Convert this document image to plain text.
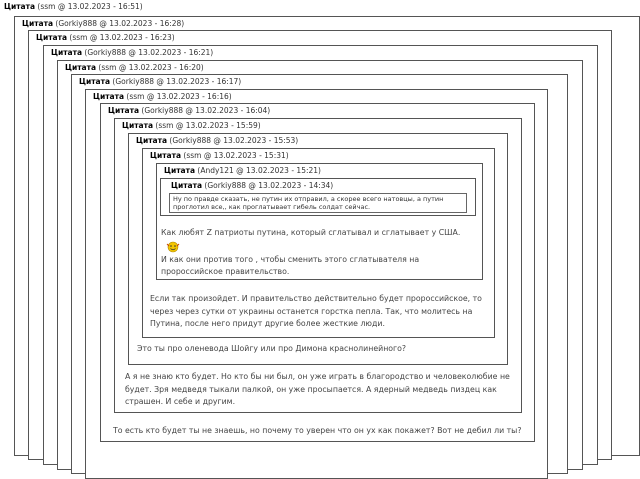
Цитата (ssm @ 13.02.2023 - 16:51)
Цитата (Gorkiy888 @ 13.02.2023 - 16:28)
Цитата (ssm @ 13.02.2023 - 16:23)
Цитата (Gorkiy888 @ 13.02.2023 - 16:21)
Цитата (ssm @ 13.02.2023 - 16:20)
Цитата (Gorkiy888 @ 13.02.2023 - 16:17)
Цитата (ssm @ 13.02.2023 - 16:16)
Цитата (Gorkiy888 @ 13.02.2023 - 16:04)
То есть кто будет ты не знаешь, но почему то уверен что он ух как покажет? Вот не дебил ли ты?
Цитата (ssm @ 13.02.2023 - 15:59)
А я не знаю кто будет. Но кто бы ни был, он уже играть в благородство и человеколюбие не
будет. Зря медведя тыкали палкой, он уже просыпается. А ядерный медведь пиздец как
страшен. И себе и другим.
Цитата (Gorkiy888 @ 13.02.2023 - 15:53)
Это ты про оленевода Шойгу или про Димона краснолинейного?
Цитата (ssm @ 13.02.2023 - 15:31)
Если так произойдет. И правительство действительно будет пророссийское, то
через через сутки от украины останется горстка пепла. Так, что молитесь на
Путина, после него придут другие более жесткие люди.
Цитата (Andy121 @ 13.02.2023 - 15:21)
Как любят Z патриоты путина, который сглатывал и сглатывает у США.
И как они против того , чтобы сменить этого сглатывателя на
пророссийское правительство.
Цитата (Gorkiy888 @ 13.02.2023 - 14:34)
Ну по правде сказать, не путин их отправил, а скорее всего натовцы, а путин проглотил все,, как проглатывает гибель солдат сейчас.
